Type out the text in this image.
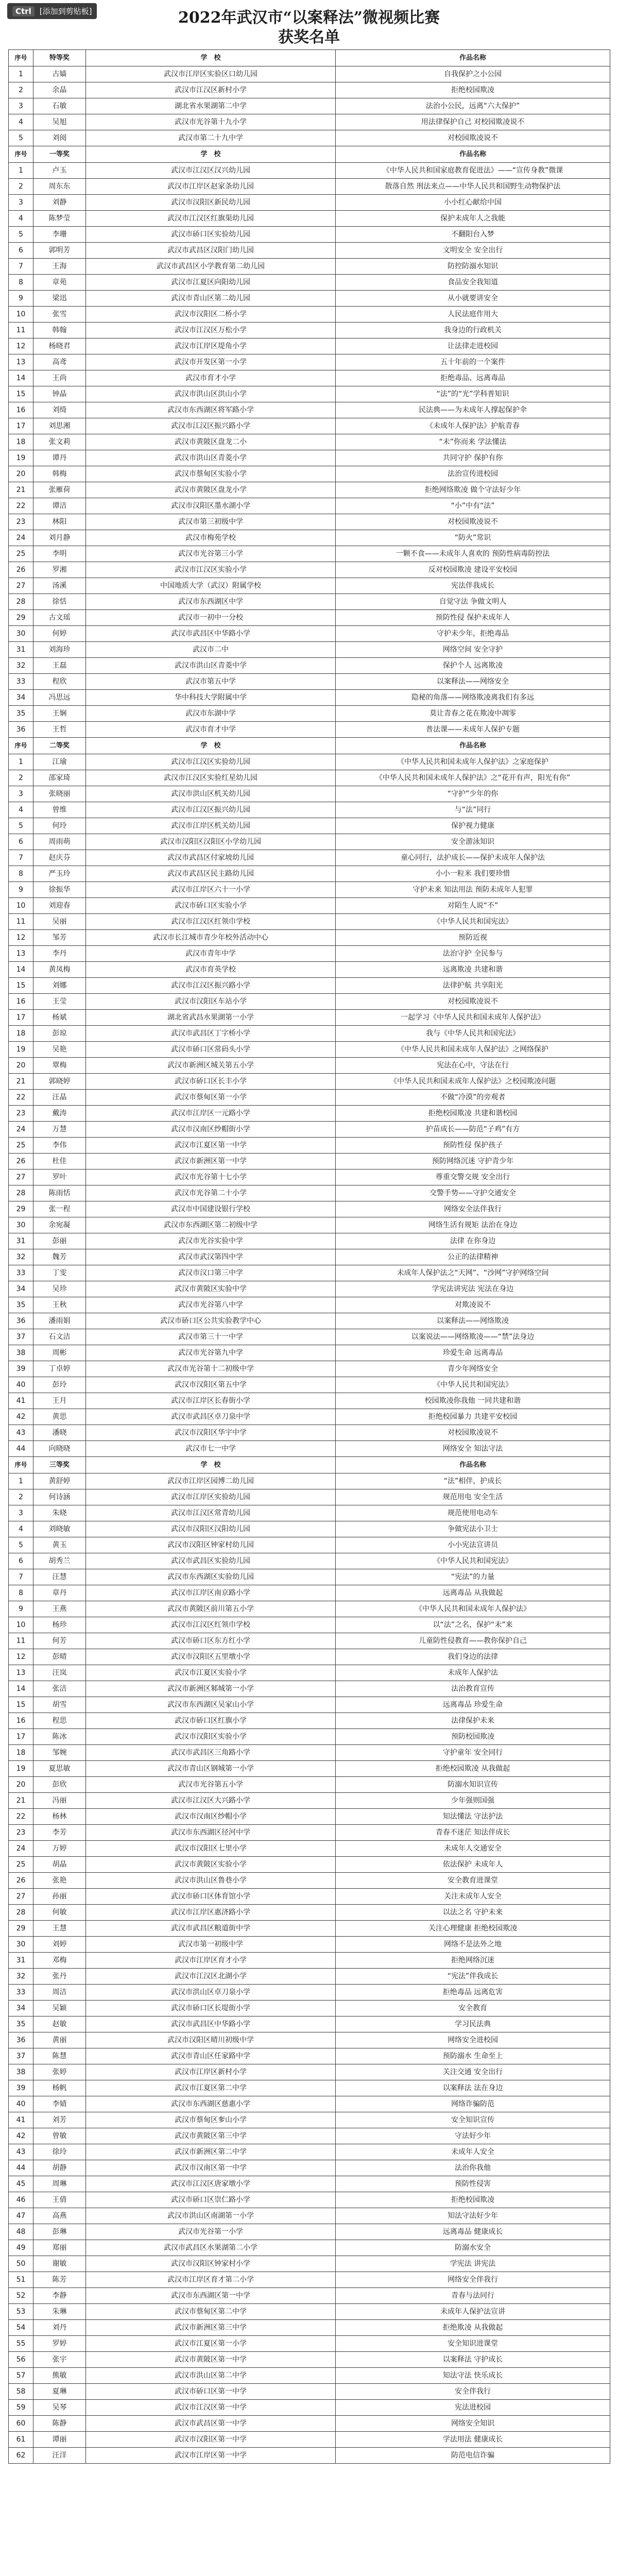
Ctrl	[添加到剪贴板]	2022年武汉市“以案释法”微视频比赛
获奖名单
序号	特等奖	学　校	作品名称
1	古嫱	武汉市江岸区实验区口幼儿园	自我保护之小公园
2	余晶	武汉市江汉区新村小学	拒绝校园欺凌
3	石敏	湖北省水果湖第二中学	法治小公民，远离“六大保护”
4	吴旭	武汉市光谷第十九小学	用法律保护自己 对校园欺凌说不
5	刘阅	武汉市第二十九中学	对校园欺凌说不
序号	一等奖	学　校	作品名称
1	卢玉	武汉市江汉区汉兴幼儿园	《中华人民共和国家庭教育促进法》——“宣传身教”微课
2	周东东	武汉市江岸区赵家条幼儿园	散落自然 刑法来点——中华人民共和国野生动物保护法
3	刘静	武汉市汉阳区新民幼儿园	小小红心献给中国
4	陈梦莹	武汉市江汉区红旗渠幼儿园	保护未成年人之我能
5	李珊	武汉市硚口区实验幼儿园	不翻阳台入梦
6	郭明芳	武汉市武昌区汉阳门幼儿园	文明安全 安全出行
7	王海	武汉市武昌区小学教育第二幼儿园	防控防溺水知识
8	章苑	武汉市江夏区向阳幼儿园	食品安全我知道
9	梁迅	武汉市青山区第二幼儿园	从小就要讲安全
10	张雪	武汉市汉阳区二桥小学	人民法庭作用大
11	韩翰	武汉市江汉区万松小学	我身边的行政机关
12	杨晓君	武汉市江岸区堤角小学	让法律走进校园
13	高鸢	武汉市开发区第一小学	五十年前的一个案件
14	王尚	武汉市育才小学	拒绝毒品、远离毒品
15	钟晶	武汉市洪山区洪山小学	“法”的“光”学科普知识
16	刘绮	武汉市东西湖区将军路小学	民法典——为未成年人撑起保护伞
17	刘思湘	武汉市江汉区振兴路小学	《未成年人保护法》护航青春
18	张文莉	武汉市黄陂区盘龙二小	“未”你而来 学法懂法
19	谭丹	武汉市洪山区青菱小学	共同守护 保护有你
20	韩梅	武汉市蔡甸区实验小学	法治宣传进校园
21	张雁荷	武汉市黄陂区盘龙小学	拒绝网络欺凌 做个守法好少年
22	谭洁	武汉市汉阳区墨水湖小学	“小”中有“法”
23	林阳	武汉市第三初级中学	对校园欺凌说不
24	刘月静	武汉市梅苑学校	“防火”常识
25	李明	武汉市光谷第三小学	一颗不食——未成年人喜欢的 预防性病毒防控法
26	罗湘	武汉市江汉区实验小学	反对校园欺凌 建设平安校园
27	汤溪	中国地质大学（武汉）附属学校	宪法伴我成长
28	徐恬	武汉市东西湖区中学	自觉守法 争做文明人
29	古文瑶	武汉市一初中一分校	预防性侵 保护未成年人
30	何婷	武汉市武昌区中华路小学	守护未少年，拒绝毒品
31	刘海珍	武汉市二中	网络空间 安全守护
32	王磊	武汉市洪山区青菱中学	保护个人 远离欺凌
33	程欣	武汉市第五中学	以案释法——网络安全
34	冯思远	华中科技大学附属中学	隐秘的角落——网络欺凌离我们有多远
35	王娴	武汉市东湖中学	莫让青春之花在欺凌中凋零
36	王哲	武汉市育才中学	普法课——未成年人保护专题
序号	二等奖	学　校	作品名称
1	江瑜	武汉市江汉区实验幼儿园	《中华人民共和国未成年人保护法》之家庭保护
2	邵家琦	武汉市江汉区实验红星幼儿园	《中华人民共和国未成年人保护法》之“花开有声，阳光有你”
3	张晓丽	武汉市洪山区机关幼儿园	“守护”少年的你
4	曾维	武汉市江汉区振兴幼儿园	与“法”同行
5	何玲	武汉市江岸区机关幼儿园	保护视力健康
6	周雨萌	武汉市汉阳区汉阳区小学幼儿园	安全游泳知识
7	赵庆芬	武汉市武昌区付家坡幼儿园	童心同行，法护成长——保护未成年人保护法
8	严玉玲	武汉市武昌区民主路幼儿园	小小一粒米 我们要珍惜
9	徐振华	武汉市江岸区六十一小学	守护未来 知法用法 预防未成年人犯罪
10	刘迎春	武汉市硚口区实验小学	对陌生人说“不”
11	吴丽	武汉市江汉区红领巾学校	《中华人民共和国宪法》
12	邹芳	武汉市长江城市青少年校外活动中心	预防近视
13	李丹	武汉市青年中学	法治守护 全民参与
14	黄凤梅	武汉市育英学校	远离欺凌 共建和谐
15	刘娜	武汉市江汉区振兴路小学	法律护航 共享阳光
16	王莹	武汉市汉阳区车站小学	对校园欺凌说不
17	杨斌	湖北省武昌水果湖第一小学	一起学习《中华人民共和国未成年人保护法》
18	彭琼	武汉市武昌区丁字桥小学	我与《中华人民共和国宪法》
19	吴艳	武汉市硚口区常码头小学	《中华人民共和国未成年人保护法》之网络保护
20	覃梅	武汉市新洲区城关第五小学	宪法在心中，守法在行
21	郭晓婷	武汉市硚口区长丰小学	《中华人民共和国未成年人保护法》之校园欺凌问题
22	汪晶	武汉市蔡甸区第一小学	不做“冷漠”的旁观者
23	戴涛	武汉市江岸区一元路小学	拒绝校园欺凌 共建和谐校园
24	万慧	武汉市汉南区纱帽街小学	护苗成长——防范“子鸡”有方
25	李伟	武汉市江夏区第一中学	预防性侵 保护孩子
26	杜佳	武汉市新洲区第一中学	预防网络沉迷 守护青少年
27	罗叶	武汉市光谷第十七小学	尊重交警交规 安全出行
28	陈雨恬	武汉市光谷第二十小学	交警手势——守护交通安全
29	张一程	武汉市中国建设银行学校	网络安全法伴我行
30	余宛凝	武汉市东西湖区第二初级中学	网络生活有规矩 法治在身边
31	彭丽	武汉市光谷实验中学	法律 在你身边
32	魏芳	武汉市武汉第四中学	公正的法律精神
33	丁雯	武汉市汉口第三中学	未成年人保护法之“天网”、“沙网”守护网络空间
34	吴珍	武汉市黄陂区实验中学	学宪法讲宪法 宪法在身边
35	王秋	武汉市光谷第八中学	对欺凌说不
36	潘雨娟	武汉市硚口区公共实验教学中心	以案释法——网络欺凌
37	石文洁	武汉市第三十一中学	以案说法——网络欺凌——“禁”法身边
38	周彬	武汉市光谷第九中学	珍爱生命 远离毒品
39	丁卓婷	武汉市光谷第十二初级中学	青少年网络安全
40	彭玲	武汉市汉阳区第五中学	《中华人民共和国宪法》
41	王月	武汉市江岸区长春街小学	校园欺凌你我他 一同共建和谐
42	黄思	武汉市武昌区卓刀泉中学	拒绝校园暴力 共建平安校园
43	潘晓	武汉市汉阳区华宇中学	对校园欺凌说不
44	向晓晓	武汉市七一中学	网络安全 知法守法
序号	三等奖	学　校	作品名称
1	黄舒婷	武汉市江岸区园博二幼儿园	“法”相伴，护成长
2	何诗涵	武汉市江岸区实验幼儿园	规范用电 安全生活
3	朱晓	武汉市江汉区常青幼儿园	规范使用电动车
4	刘晓敏	武汉市汉阳区汉阳幼儿园	争做宪法小卫士
5	黄玉	武汉市汉阳区钟家村幼儿园	小小宪法宣讲员
6	胡秀兰	武汉市武昌区实验幼儿园	《中华人民共和国宪法》
7	汪慧	武汉市东西湖区实验幼儿园	“宪法”的力量
8	章丹	武汉市江岸区南京路小学	远离毒品 从我做起
9	王燕	武汉市黄陂区前川第五小学	《中华人民共和国未成年人保护法》
10	杨珍	武汉市江汉区红领巾学校	以“法”之名，保护“未”来
11	何芳	武汉市硚口区东方红小学	儿童防性侵教育——教你保护自己
12	彭晴	武汉市汉阳区五里墩小学	我们身边的法律
13	汪岚	武汉市江夏区实验小学	未成年人保护法
14	张洁	武汉市新洲区邾城第一小学	法治教育宣传
15	胡雪	武汉市东西湖区吴家山小学	远离毒品 珍爱生命
16	程思	武汉市硚口区红旗小学	法律保护未来
17	陈冰	武汉市汉阳区实验小学	预防校园欺凌
18	邹婉	武汉市武昌区三角路小学	守护童年 安全同行
19	夏思敏	武汉市青山区钢城第一小学	拒绝校园欺凌 从我做起
20	彭欣	武汉市光谷第五小学	防溺水知识宣传
21	冯丽	武汉市江汉区大兴路小学	少年强则国强
22	杨林	武汉市汉南区纱帽小学	知法懂法 守法护法
23	李芳	武汉市东西湖区径河中学	青春不迷茫 知法伴成长
24	万婷	武汉市汉阳区七里小学	未成年人交通安全
25	胡晶	武汉市黄陂区实验小学	依法保护 未成年人
26	张艳	武汉市洪山区鲁巷小学	安全教育进课堂
27	孙丽	武汉市硚口区体育馆小学	关注未成年人安全
28	何敏	武汉市江岸区惠济路小学	以法之名 守护未来
29	王慧	武汉市武昌区粮道街中学	关注心理健康 拒绝校园欺凌
30	刘婷	武汉市第一初级中学	网络不是法外之地
31	邓梅	武汉市江岸区育才小学	拒绝网络沉迷
32	张丹	武汉市江汉区北湖小学	“宪法”伴我成长
33	周洁	武汉市洪山区卓刀泉小学	拒绝毒品 远离危害
34	吴颖	武汉市硚口区长堤街小学	安全教育
35	赵敏	武汉市武昌区中华路小学	学习民法典
36	黄丽	武汉市汉阳区晴川初级中学	网络安全进校园
37	陈慧	武汉市青山区任家路中学	预防溺水 生命至上
38	张婷	武汉市江岸区新村小学	关注交通 安全出行
39	杨帆	武汉市江夏区第二中学	以案释法 法在身边
40	李婧	武汉市东西湖区慈惠小学	网络诈骗防范
41	刘芳	武汉市蔡甸区奓山小学	安全知识宣传
42	曾敏	武汉市黄陂区第三中学	守法好少年
43	徐玲	武汉市新洲区第二中学	未成年人安全
44	胡静	武汉市汉南区第一中学	法治你我他
45	周琳	武汉市江汉区唐家墩小学	预防性侵害
46	王倩	武汉市硚口区崇仁路小学	拒绝校园欺凌
47	高燕	武汉市洪山区南湖第一小学	知法守法好少年
48	彭琳	武汉市光谷第一小学	远离毒品 健康成长
49	郑丽	武汉市武昌区水果湖第二小学	防溺水安全
50	谢敏	武汉市汉阳区钟家村小学	学宪法 讲宪法
51	陈芳	武汉市江岸区育才第二小学	网络安全伴我行
52	李静	武汉市东西湖区第一中学	青春与法同行
53	朱琳	武汉市蔡甸区第二中学	未成年人保护法宣讲
54	刘丹	武汉市新洲区第三中学	拒绝欺凌 从我做起
55	罗婷	武汉市江夏区第一小学	安全知识进课堂
56	张宇	武汉市黄陂区第一中学	以案释法 守护成长
57	熊敏	武汉市洪山区第二中学	知法守法 快乐成长
58	夏琳	武汉市硚口区第一中学	安全伴我行
59	吴琴	武汉市江汉区第一中学	宪法进校园
60	陈静	武汉市武昌区第一中学	网络安全知识
61	谭丽	武汉市汉阳区第一中学	学法用法 健康成长
62	汪洋	武汉市江岸区第一中学	防范电信诈骗
